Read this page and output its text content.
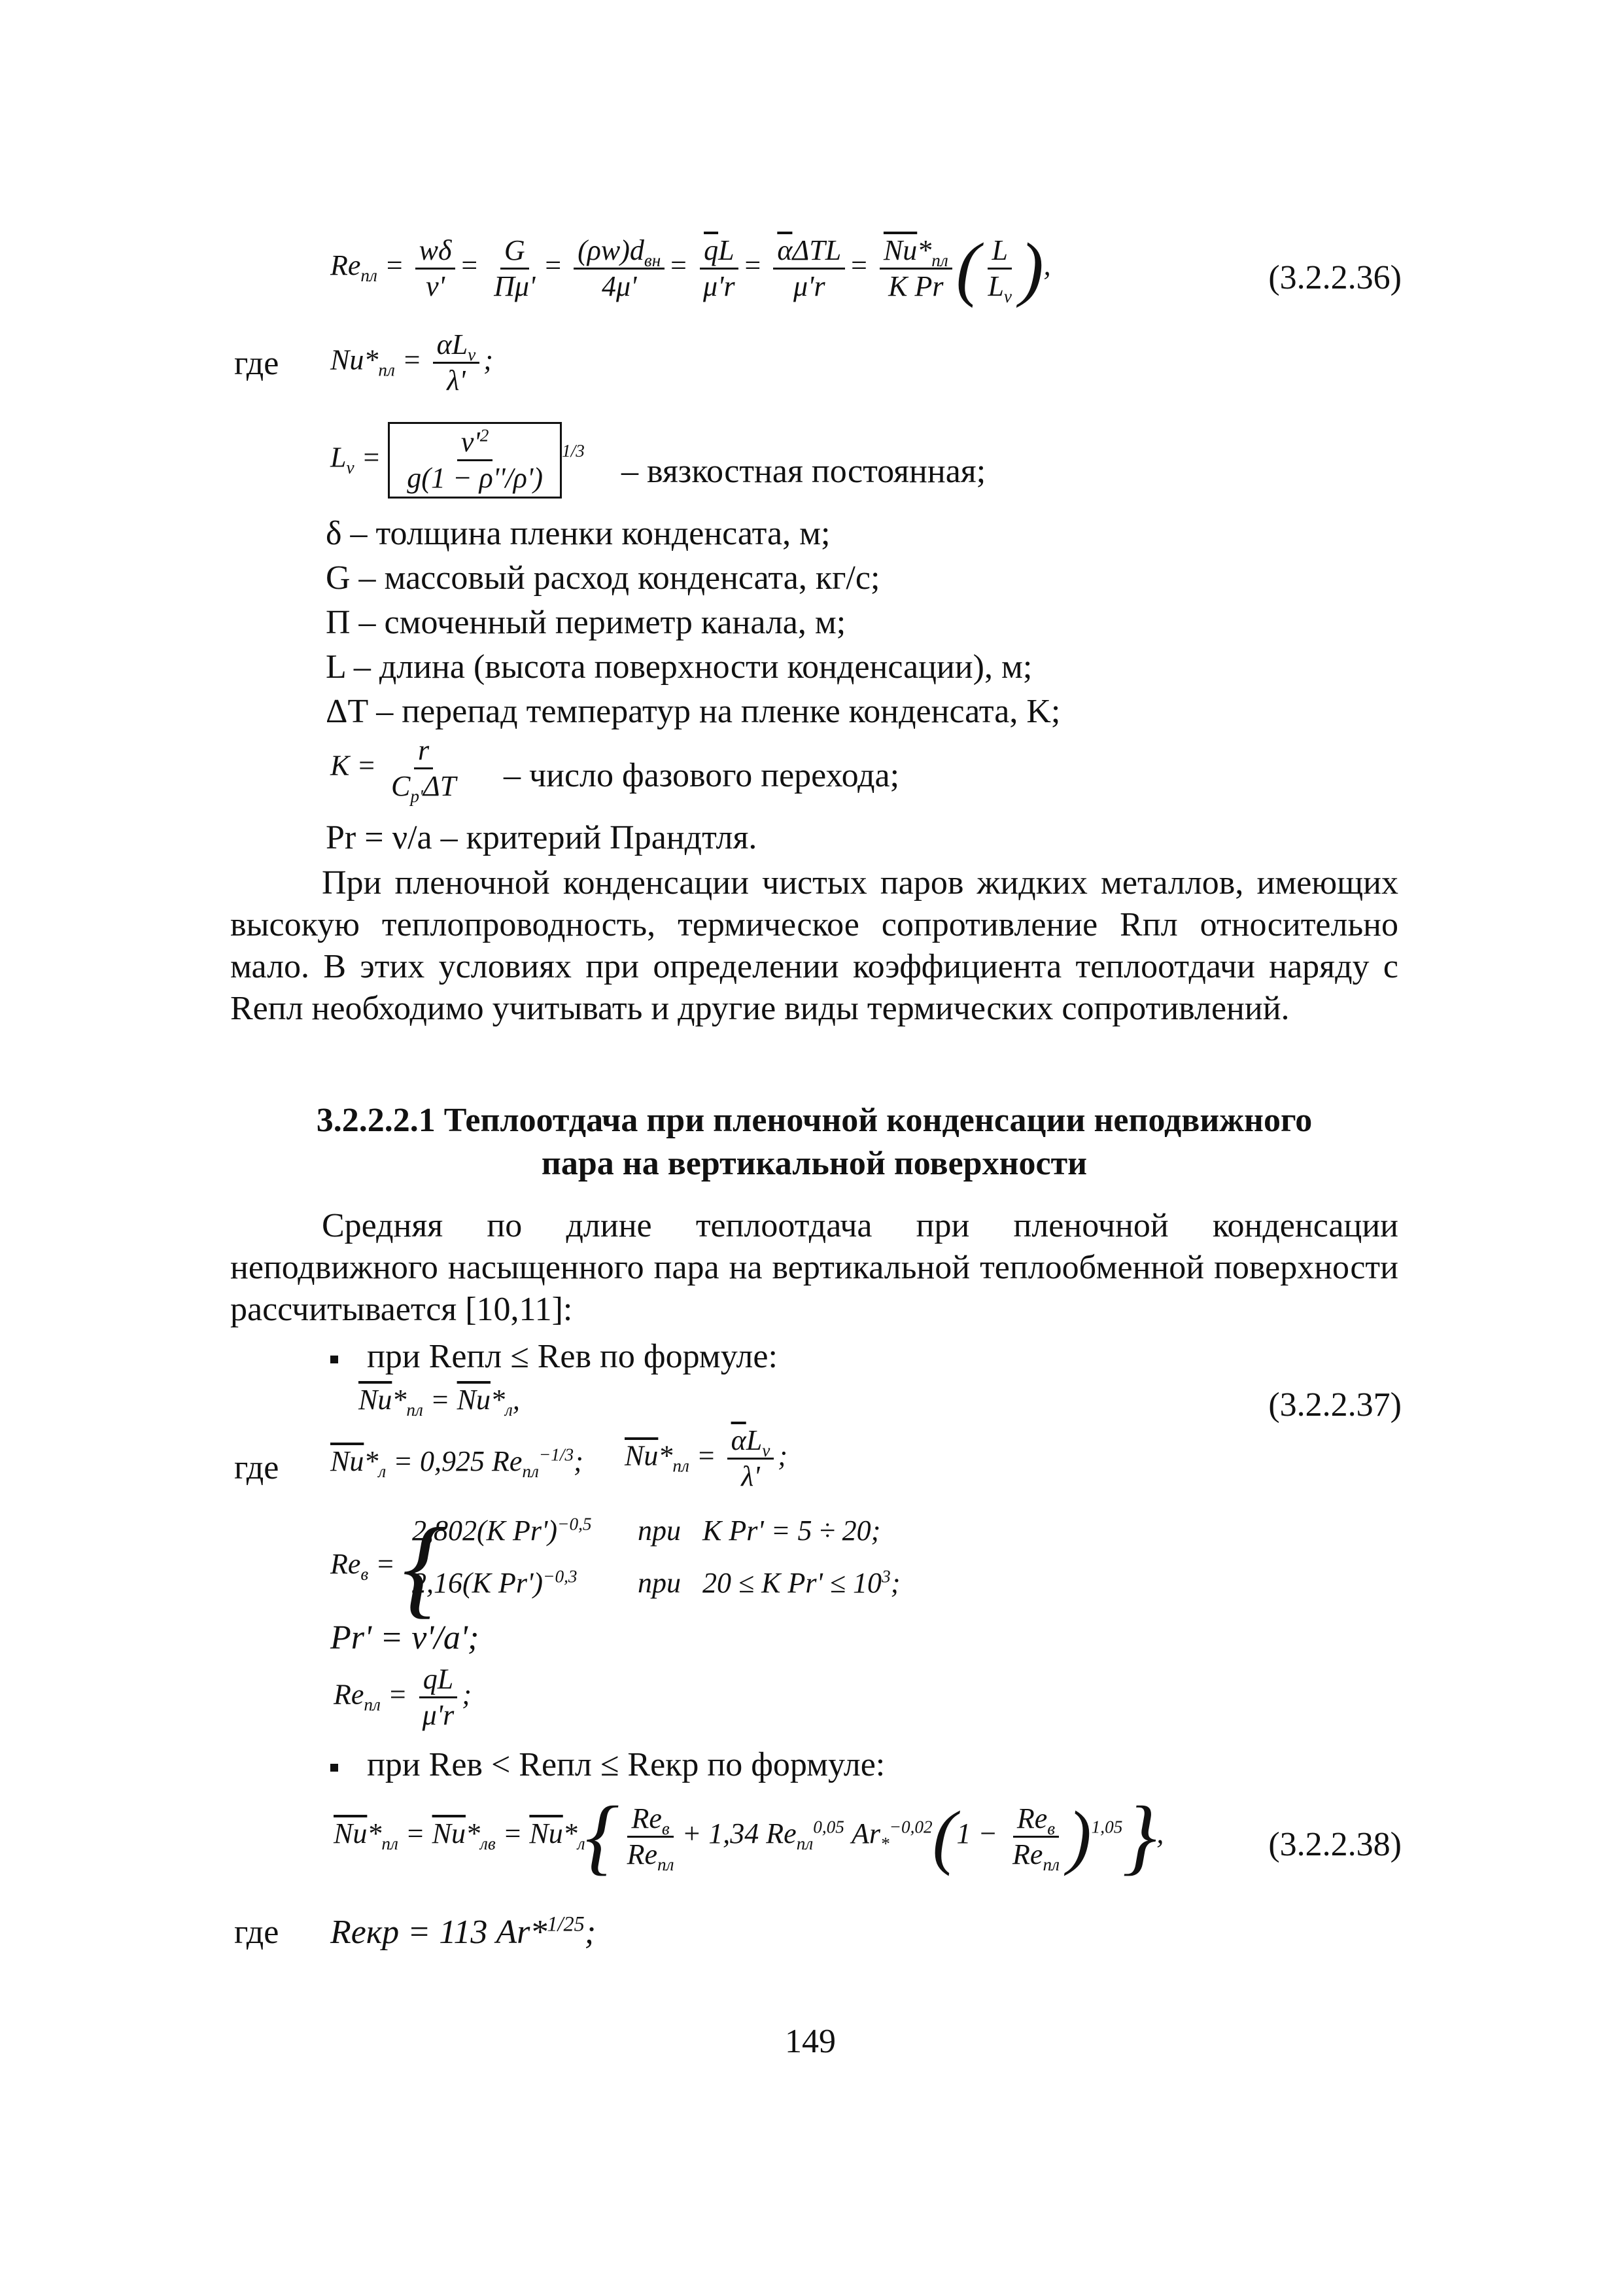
$Re_{пл} = \frac{w\delta}{\nu'} = \frac{G}{\Pi\mu'} = \frac{(\rho w)d_{вн}}{4\mu'} = \frac{\overline{q}L}{\mu'r} = \frac{\overline{\alpha}\Delta TL}{\mu'r} = \frac{\overline{Nu}*_{пл}}{\text{K Pr}}$ ( $\frac{L}{L_\nu}$ ),	(3.2.2.36)
где $Nu*_{пл} = \frac{\alpha L_\nu}{\lambda'}$ ;
$L_\nu = \frac{\nu'^2}{g(1 - \rho''/\rho')} ^{1/3}$
– вязкостная постоянная;
δ – толщина пленки конденсата, м;
G – массовый расход конденсата, кг/с;
П – смоченный периметр канала, м;
L – длина (высота поверхности конденсации), м;
ΔT – перепад температур на пленке конденсата, K;
$K = \frac{r}{C_{p'}\Delta T}$ – число фазового перехода;
Pr = ν/a – критерий Прандтля.
При пленочной конденсации чистых паров жидких металлов, имеющих высокую теплопроводность, термическое сопротивление Rпл относительно мало. В этих условиях при определении коэффициента теплоотдачи наряду с Reпл необходимо учитывать и другие виды термических сопротивлений.
3.2.2.2.1 Теплоотдача при пленочной конденсации неподвижного
пара на вертикальной поверхности
Средняя по длине теплоотдача при пленочной конденсации неподвижного насыщенного пара на вертикальной теплообменной поверхности рассчитывается [10,11]:
при Reпл ≤ Reв по формуле:
$\overline{Nu}*_{пл} = \overline{Nu}*_л$,	(3.2.2.37)
где $\overline{Nu}*_л = 0,925$ $Re_{пл}^{-1/3}$; $\overline{Nu}*_{пл} = \frac{\overline{\alpha}L_\nu}{\lambda'}$ ;
$Re_в$ = {
2,802(K Pr')$^{-0,5}$ при   K Pr' = 5 ÷ 20;
2,16(K Pr')$^{-0,3}$ при   20 ≤ K $Pr' \le 10^3$;
Pr' = ν'/a';
$Re_{пл} = \frac{qL}{\mu'r}$ ;
при Reв < Reпл ≤ Reкр по формуле:
$\overline{Nu}*_{пл} = \overline{Nu}*_{лв} = \overline{Nu}*_л\{ \frac{Re_в}{Re_{пл}} + 1,34$ $Re_{пл}^{0,05}$ $Ar_*^{-0,02}(1 - \frac{Re_в}{Re_{пл}} )^{1,05}$},	(3.2.2.38)
где Reкр = 113 Ar*$^{1/25}$;
149
